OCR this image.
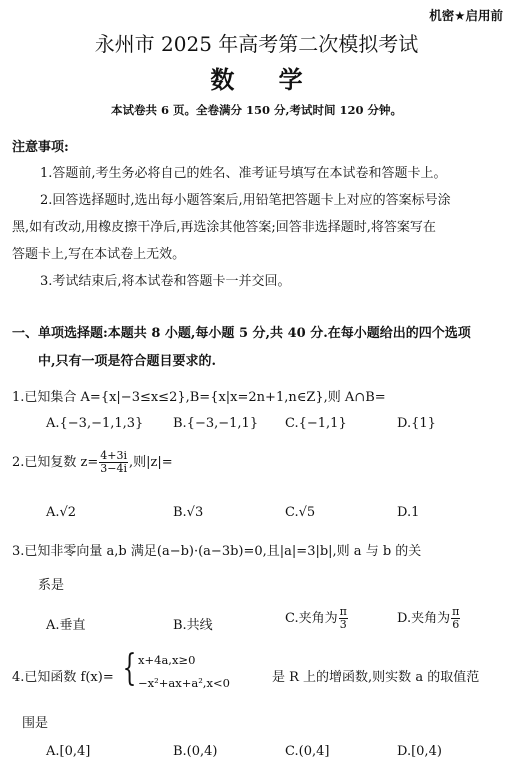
机密★启用前
永州市 2025 年高考第二次模拟考试
数 学
本试卷共 6 页。全卷满分 150 分,考试时间 120 分钟。
注意事项:
1.答题前,考生务必将自己的姓名、准考证号填写在本试卷和答题卡上。
2.回答选择题时,选出每小题答案后,用铅笔把答题卡上对应的答案标号涂
黑,如有改动,用橡皮擦干净后,再选涂其他答案;回答非选择题时,将答案写在
答题卡上,写在本试卷上无效。
3.考试结束后,将本试卷和答题卡一并交回。
一、单项选择题:本题共 8 小题,每小题 5 分,共 40 分.在每小题给出的四个选项
中,只有一项是符合题目要求的.
1.已知集合 A={x|−3≤x≤2},B={x|x=2n+1,n∈Z},则 A∩B=
A.{−3,−1,1,3} B.{−3,−1,1} C.{−1,1}	D.{1}
2.已知复数 $z= \frac{4+3i}{3-4i}$ ,则|z|=
A.√2	B.√3	C.√5	D.1
3.已知非零向量 a,b 满足(a−b)·(a−3b)=0,且|a|=3|b|,则 a 与 b 的关
系是
A.垂直	B.共线	C.夹角为 $\frac{\pi}{3}$	D.夹角为 $\frac{\pi}{6}$
4.已知函数 f(x)= { x+4a,x≥0
−x²+ax+a²,x<0	是 R 上的增函数,则实数 a 的取值范
围是
A.[0,4]	B.(0,4)	C.(0,4]	D.[0,4)
